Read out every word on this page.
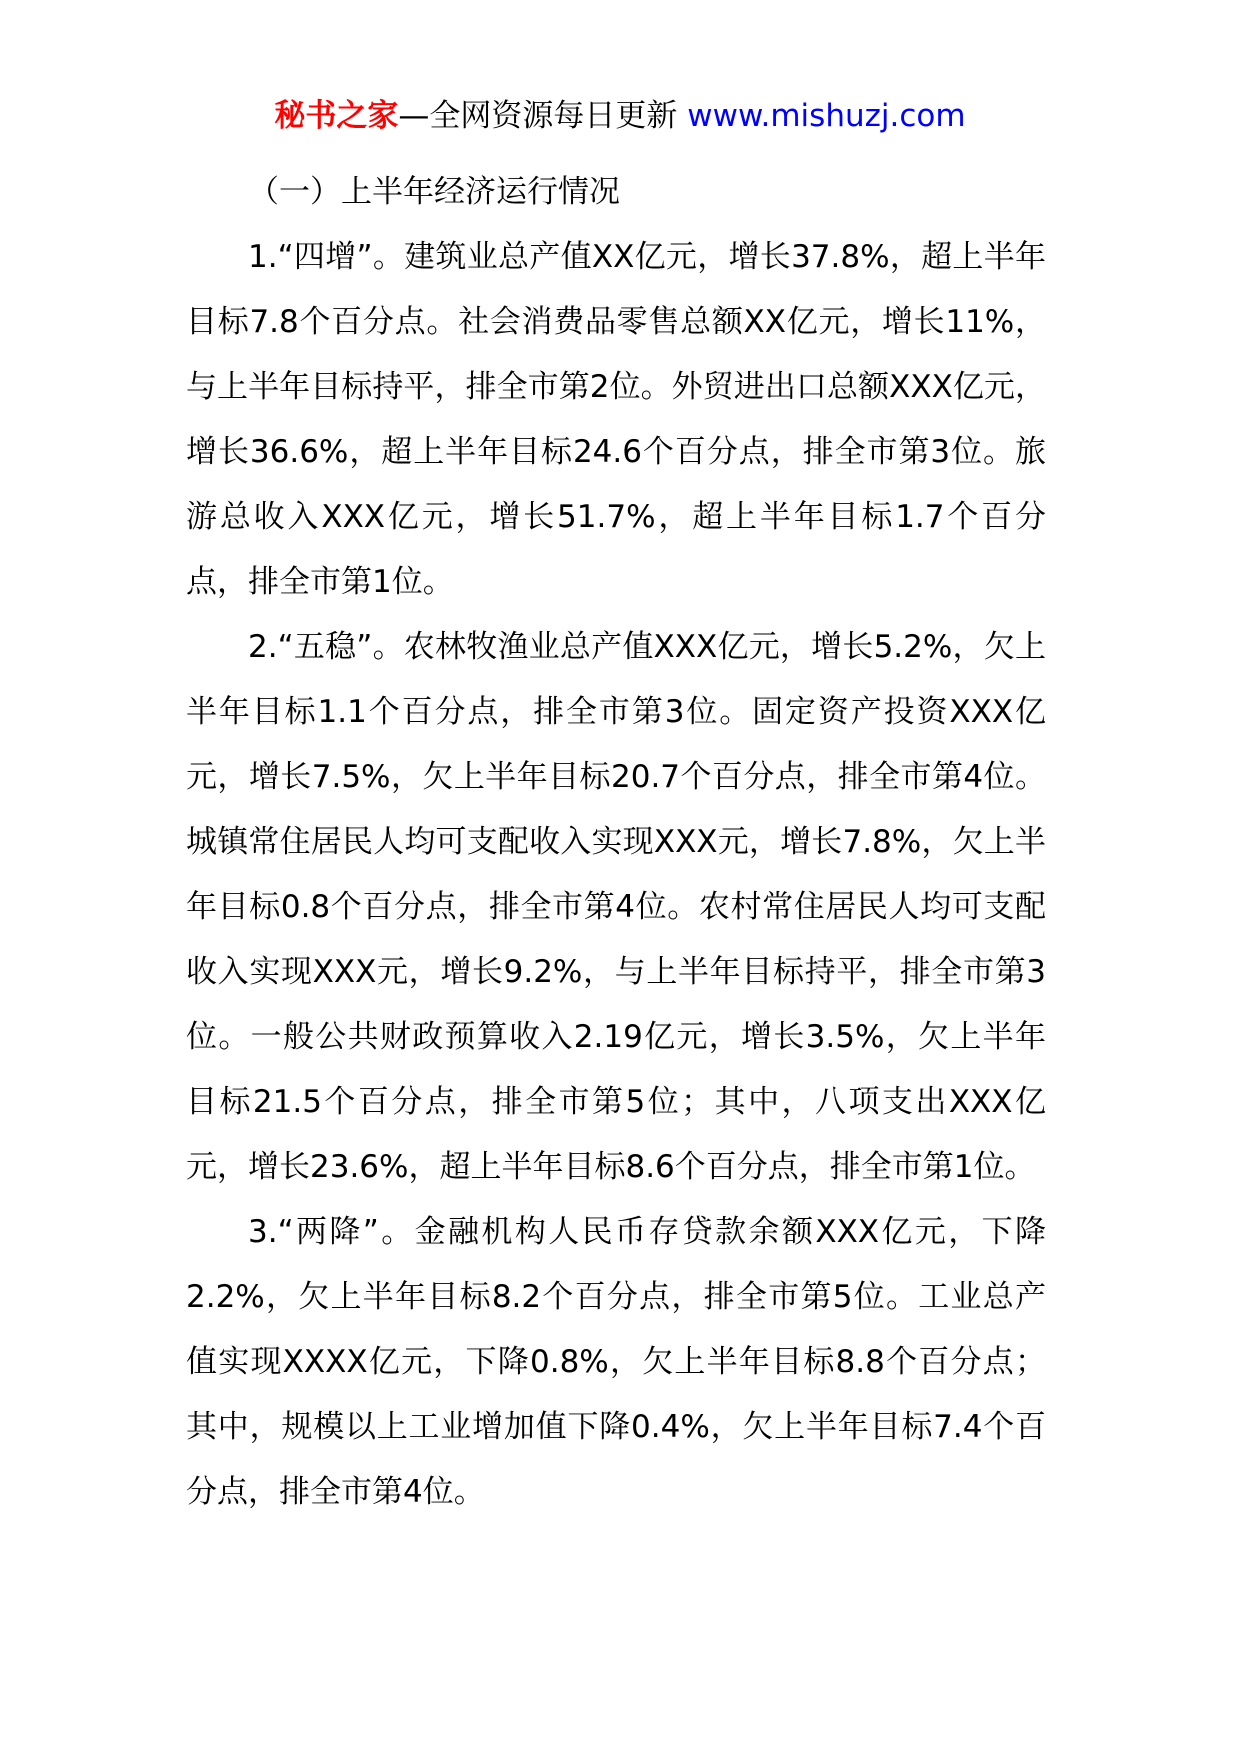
秘书之家—全网资源每日更新 www.mishuzj.com

（一）上半年经济运行情况

1.“四增”。建筑业总产值XX亿元，增长37.8%，超上半年目标7.8个百分点。社会消费品零售总额XX亿元，增长11%，与上半年目标持平，排全市第2位。外贸进出口总额XXX亿元，增长36.6%，超上半年目标24.6个百分点，排全市第3位。旅游总收入XXX亿元，增长51.7%，超上半年目标1.7个百分点，排全市第1位。

2.“五稳”。农林牧渔业总产值XXX亿元，增长5.2%，欠上半年目标1.1个百分点，排全市第3位。固定资产投资XXX亿元，增长7.5%，欠上半年目标20.7个百分点，排全市第4位。城镇常住居民人均可支配收入实现XXX元，增长7.8%，欠上半年目标0.8个百分点，排全市第4位。农村常住居民人均可支配收入实现XXX元，增长9.2%，与上半年目标持平，排全市第3位。一般公共财政预算收入2.19亿元，增长3.5%，欠上半年目标21.5个百分点，排全市第5位；其中，八项支出XXX亿元，增长23.6%，超上半年目标8.6个百分点，排全市第1位。

3.“两降”。金融机构人民币存贷款余额XXX亿元，下降2.2%，欠上半年目标8.2个百分点，排全市第5位。工业总产值实现XXXX亿元，下降0.8%，欠上半年目标8.8个百分点；其中，规模以上工业增加值下降0.4%，欠上半年目标7.4个百分点，排全市第4位。
